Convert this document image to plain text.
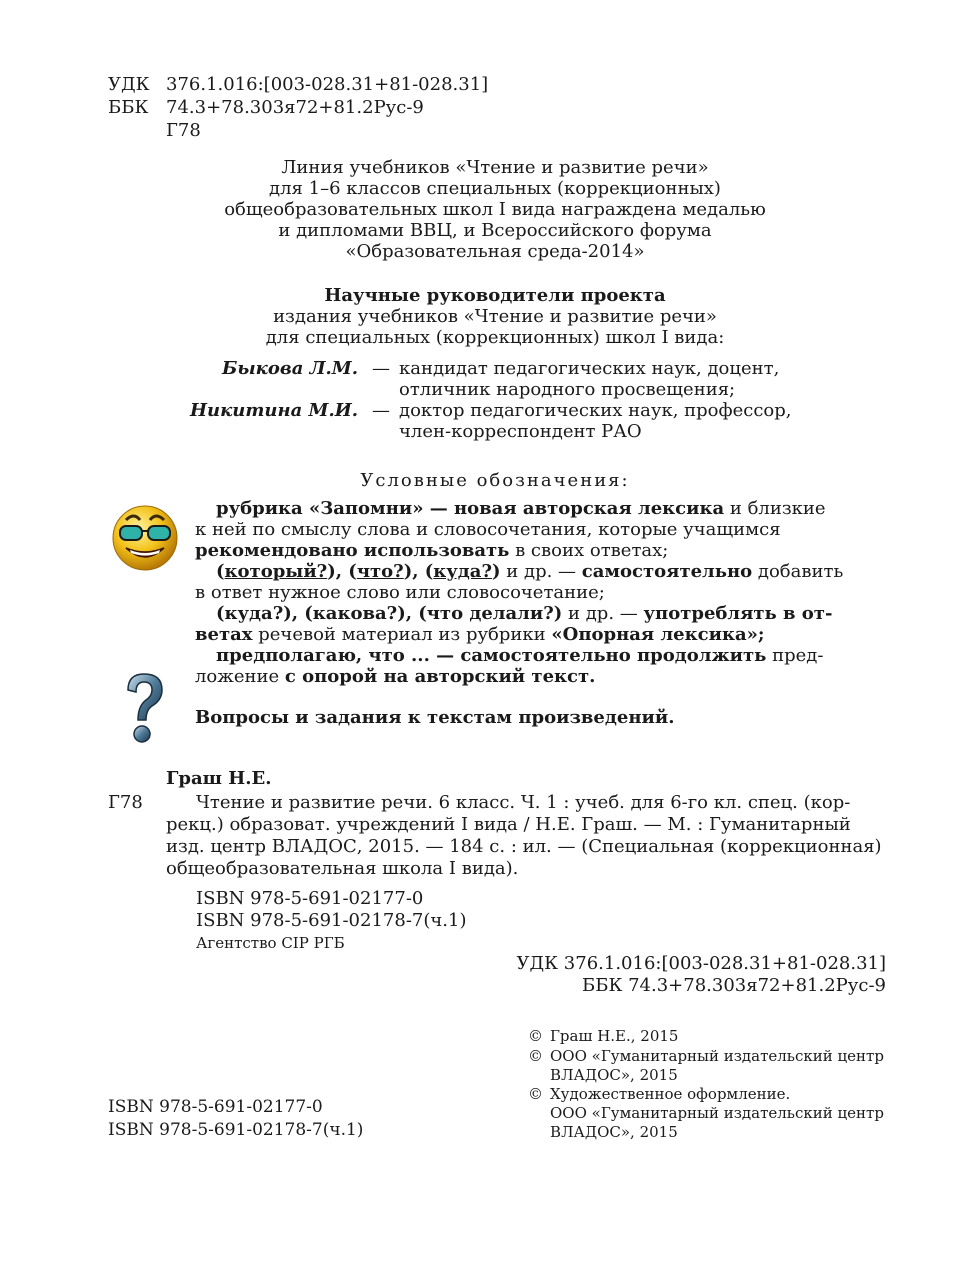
УДК 376.1.016:[003-028.31+81-028.31]
ББК 74.3+78.303я72+81.2Рус-9
Г78
Линия учебников «Чтение и развитие речи»
для 1–6 классов специальных (коррекционных)
общеобразовательных школ I вида награждена медалью
и дипломами ВВЦ, и Всероссийского форума
«Образовательная среда-2014»
Научные руководители проекта
издания учебников «Чтение и развитие речи»
для специальных (коррекционных) школ I вида:
Быкова Л.М. — кандидат педагогических наук, доцент,
отличник народного просвещения;
Никитина М.И. — доктор педагогических наук, профессор,
член-корреспондент РАО
Условные обозначения:
рубрика «Запомни» — новая авторская лексика и близкие
к ней по смыслу слова и словосочетания, которые учащимся
рекомендовано использовать в своих ответах;
(который?), (что?), (куда?) и др. — самостоятельно добавить
в ответ нужное слово или словосочетание;
(куда?), (какова?), (что делали?) и др. — употреблять в от-
ветах речевой материал из рубрики «Опорная лексика»;
предполагаю, что ... — самостоятельно продолжить пред-
ложение с опорой на авторский текст.
Вопросы и задания к текстам произведений.
Граш Н.Е.
Г78	Чтение и развитие речи. 6 класс. Ч. 1 : учеб. для 6-го кл. спец. (кор-
рекц.) образоват. учреждений I вида / Н.Е. Граш. — М. : Гуманитарный
изд. центр ВЛАДОС, 2015. — 184 с. : ил. — (Специальная (коррекционная)
общеобразовательная школа I вида).
ISBN 978-5-691-02177-0
ISBN 978-5-691-02178-7(ч.1)
Агентство CIP РГБ
УДК 376.1.016:[003-028.31+81-028.31]
ББК 74.3+78.303я72+81.2Рус-9
© Граш Н.Е., 2015
© ООО «Гуманитарный издательский центр
ВЛАДОС», 2015
© Художественное оформление.
ООО «Гуманитарный издательский центр
ВЛАДОС», 2015
ISBN 978-5-691-02177-0
ISBN 978-5-691-02178-7(ч.1)
